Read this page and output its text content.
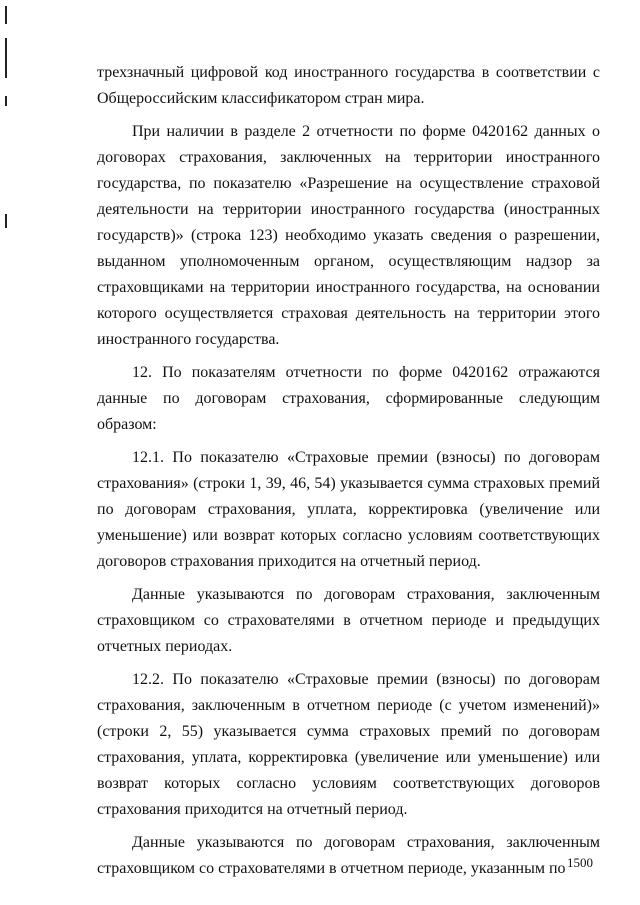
трехзначный цифровой код иностранного государства в соответствии с Общероссийским классификатором стран мира.

При наличии в разделе 2 отчетности по форме 0420162 данных о договорах страхования, заключенных на территории иностранного государства, по показателю «Разрешение на осуществление страховой деятельности на территории иностранного государства (иностранных государств)» (строка 123) необходимо указать сведения о разрешении, выданном уполномоченным органом, осуществляющим надзор за страховщиками на территории иностранного государства, на основании которого осуществляется страховая деятельность на территории этого иностранного государства.

12. По показателям отчетности по форме 0420162 отражаются данные по договорам страхования, сформированные следующим образом:

12.1. По показателю «Страховые премии (взносы) по договорам страхования» (строки 1, 39, 46, 54) указывается сумма страховых премий по договорам страхования, уплата, корректировка (увеличение или уменьшение) или возврат которых согласно условиям соответствующих договоров страхования приходится на отчетный период.

Данные указываются по договорам страхования, заключенным страховщиком со страхователями в отчетном периоде и предыдущих отчетных периодах.

12.2. По показателю «Страховые премии (взносы) по договорам страхования, заключенным в отчетном периоде (с учетом изменений)» (строки 2, 55) указывается сумма страховых премий по договорам страхования, уплата, корректировка (увеличение или уменьшение) или возврат которых согласно условиям соответствующих договоров страхования приходится на отчетный период.

Данные указываются по договорам страхования, заключенным страховщиком со страхователями в отчетном периоде, указанным по 1500
